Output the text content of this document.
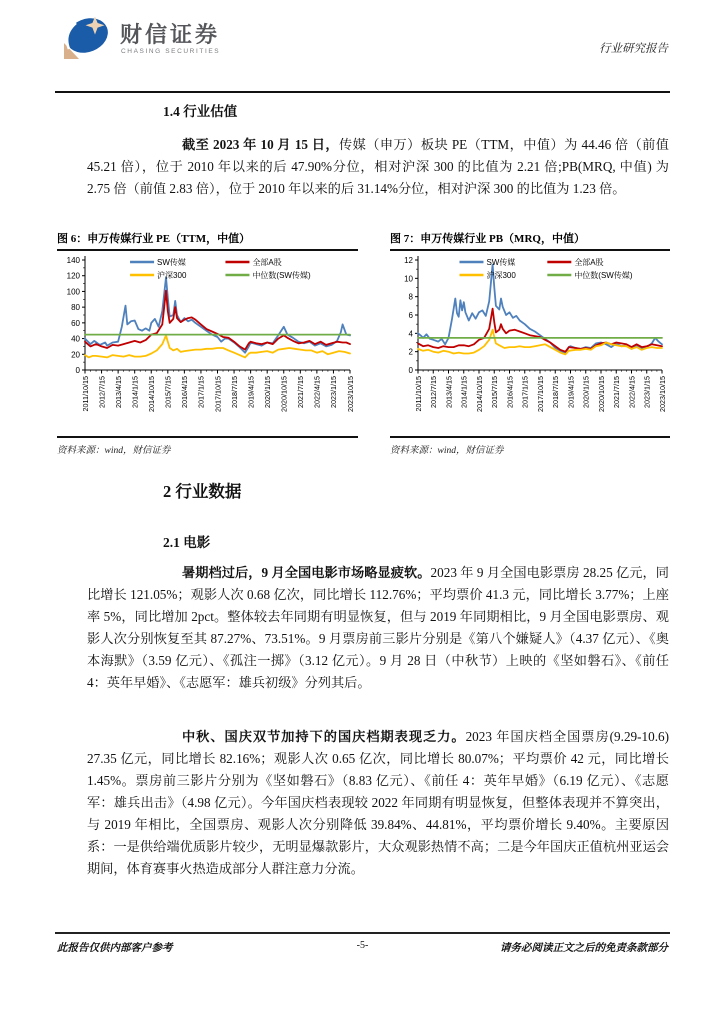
财信证券
CHASING SECURITIES	行业研究报告
1.4 行业估值

截至 2023 年 10 月 15 日，传媒（申万）板块 PE（TTM，中值）为 44.46 倍（前值 45.21 倍），位于 2010 年以来的后 47.90%分位，相对沪深 300 的比值为 2.21 倍;PB(MRQ, 中值) 为 2.75 倍（前值 2.83 倍），位于 2010 年以来的后 31.14%分位，相对沪深 300 的比值为 1.23 倍。

图 6：申万传媒行业 PE（TTM，中值）
0
20
40
60
80
100
120
140
2011/10/15 2012/7/15 2013/4/15 2014/1/15 2014/10/15 2015/7/15 2016/4/15 2017/1/15 2017/10/15 2018/7/15 2019/4/15 2020/1/15 2020/10/15 2021/7/15 2022/4/15 2023/1/15 2023/10/15
SW传媒	全部A股
沪深300	中位数(SW传媒)
资料来源：wind，财信证券
图 7：申万传媒行业 PB（MRQ，中值）
0
2
4
6
8
10
12
2011/10/15 2012/7/15 2013/4/15 2014/1/15 2014/10/15 2015/7/15 2016/4/15 2017/1/15 2017/10/15 2018/7/15 2019/4/15 2020/1/15 2020/10/15 2021/7/15 2022/4/15 2023/1/15 2023/10/15
SW传媒	全部A股
沪深300	中位数(SW传媒)
资料来源：wind，财信证券
2 行业数据
2.1 电影

暑期档过后，9 月全国电影市场略显疲软。2023 年 9 月全国电影票房 28.25 亿元，同比增长 121.05%；观影人次 0.68 亿次，同比增长 112.76%；平均票价 41.3 元，同比增长 3.77%；上座率 5%，同比增加 2pct。整体较去年同期有明显恢复，但与 2019 年同期相比，9 月全国电影票房、观影人次分别恢复至其 87.27%、73.51%。9 月票房前三影片分别是《第八个嫌疑人》（4.37 亿元）、《奥本海默》（3.59 亿元）、《孤注一掷》（3.12 亿元）。9 月 28 日（中秋节）上映的《坚如磐石》、《前任 4：英年早婚》、《志愿军：雄兵初级》分列其后。

中秋、国庆双节加持下的国庆档期表现乏力。2023 年国庆档全国票房(9.29-10.6) 27.35 亿元，同比增长 82.16%；观影人次 0.65 亿次，同比增长 80.07%；平均票价 42 元，同比增长 1.45%。票房前三影片分别为《坚如磐石》（8.83 亿元）、《前任 4：英年早婚》（6.19 亿元）、《志愿军：雄兵出击》（4.98 亿元）。今年国庆档表现较 2022 年同期有明显恢复，但整体表现并不算突出，与 2019 年相比，全国票房、观影人次分别降低 39.84%、44.81%，平均票价增长 9.40%。主要原因系：一是供给端优质影片较少，无明显爆款影片，大众观影热情不高；二是今年国庆正值杭州亚运会期间，体育赛事火热造成部分人群注意力分流。

此报告仅供内部客户参考	-5-	请务必阅读正文之后的免责条款部分
